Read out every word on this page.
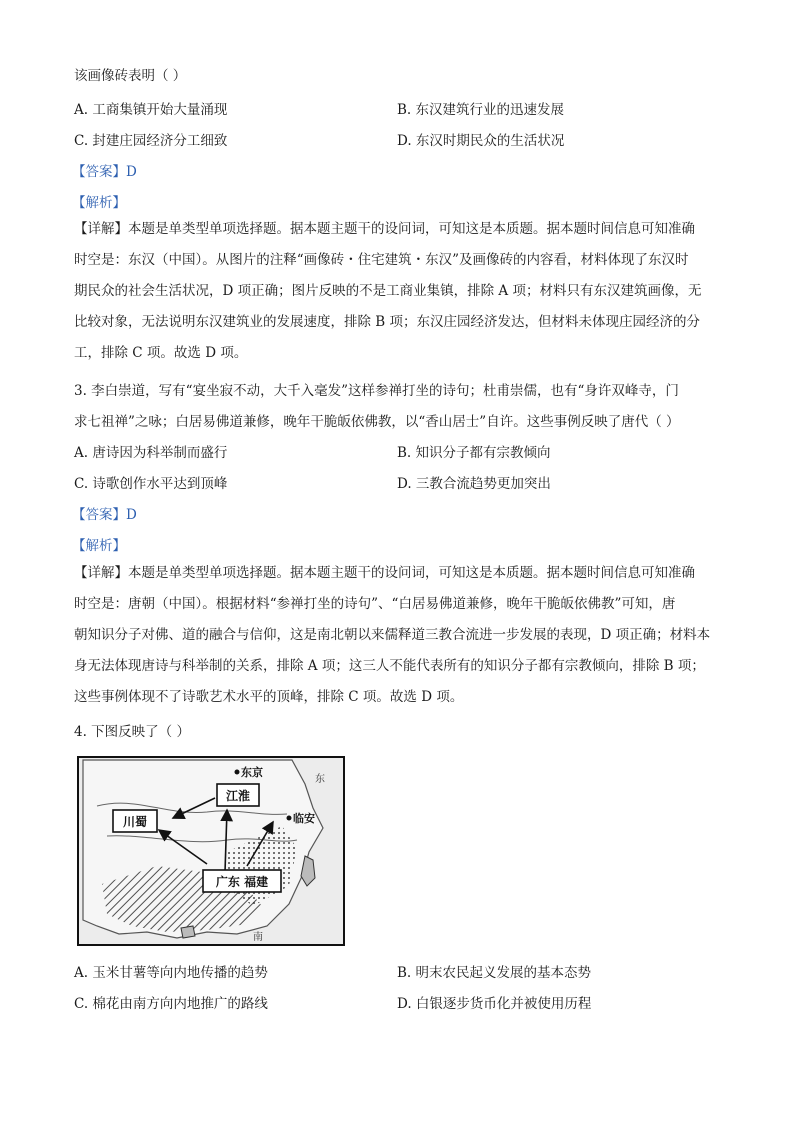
该画像砖表明（ ）
A. 工商集镇开始大量涌现	B. 东汉建筑行业的迅速发展
C. 封建庄园经济分工细致	D. 东汉时期民众的生活状况
【答案】D
【解析】
【详解】本题是单类型单项选择题。据本题主题干的设问词，可知这是本质题。据本题时间信息可知准确
时空是：东汉（中国）。从图片的注释“画像砖・住宅建筑・东汉”及画像砖的内容看，材料体现了东汉时
期民众的社会生活状况，D 项正确；图片反映的不是工商业集镇，排除 A 项；材料只有东汉建筑画像，无
比较对象，无法说明东汉建筑业的发展速度，排除 B 项；东汉庄园经济发达，但材料未体现庄园经济的分
工，排除 C 项。故选 D 项。
3. 李白崇道，写有“宴坐寂不动，大千入毫发”这样参禅打坐的诗句；杜甫崇儒，也有“身许双峰寺，门
求七祖禅”之咏；白居易佛道兼修，晚年干脆皈依佛教，以“香山居士”自许。这些事例反映了唐代（ ）
A. 唐诗因为科举制而盛行	B. 知识分子都有宗教倾向
C. 诗歌创作水平达到顶峰	D. 三教合流趋势更加突出
【答案】D
【解析】
【详解】本题是单类型单项选择题。据本题主题干的设问词，可知这是本质题。据本题时间信息可知准确
时空是：唐朝（中国）。根据材料“参禅打坐的诗句”、“白居易佛道兼修，晚年干脆皈依佛教”可知，唐
朝知识分子对佛、道的融合与信仰，这是南北朝以来儒释道三教合流进一步发展的表现，D 项正确；材料本
身无法体现唐诗与科举制的关系，排除 A 项；这三人不能代表所有的知识分子都有宗教倾向，排除 B 项；
这些事例体现不了诗歌艺术水平的顶峰，排除 C 项。故选 D 项。
4. 下图反映了（ ）
江淮
川蜀
广东 福建
东京
临安
东
南
A. 玉米甘薯等向内地传播的趋势	B. 明末农民起义发展的基本态势
C. 棉花由南方向内地推广的路线	D. 白银逐步货币化并被使用历程
